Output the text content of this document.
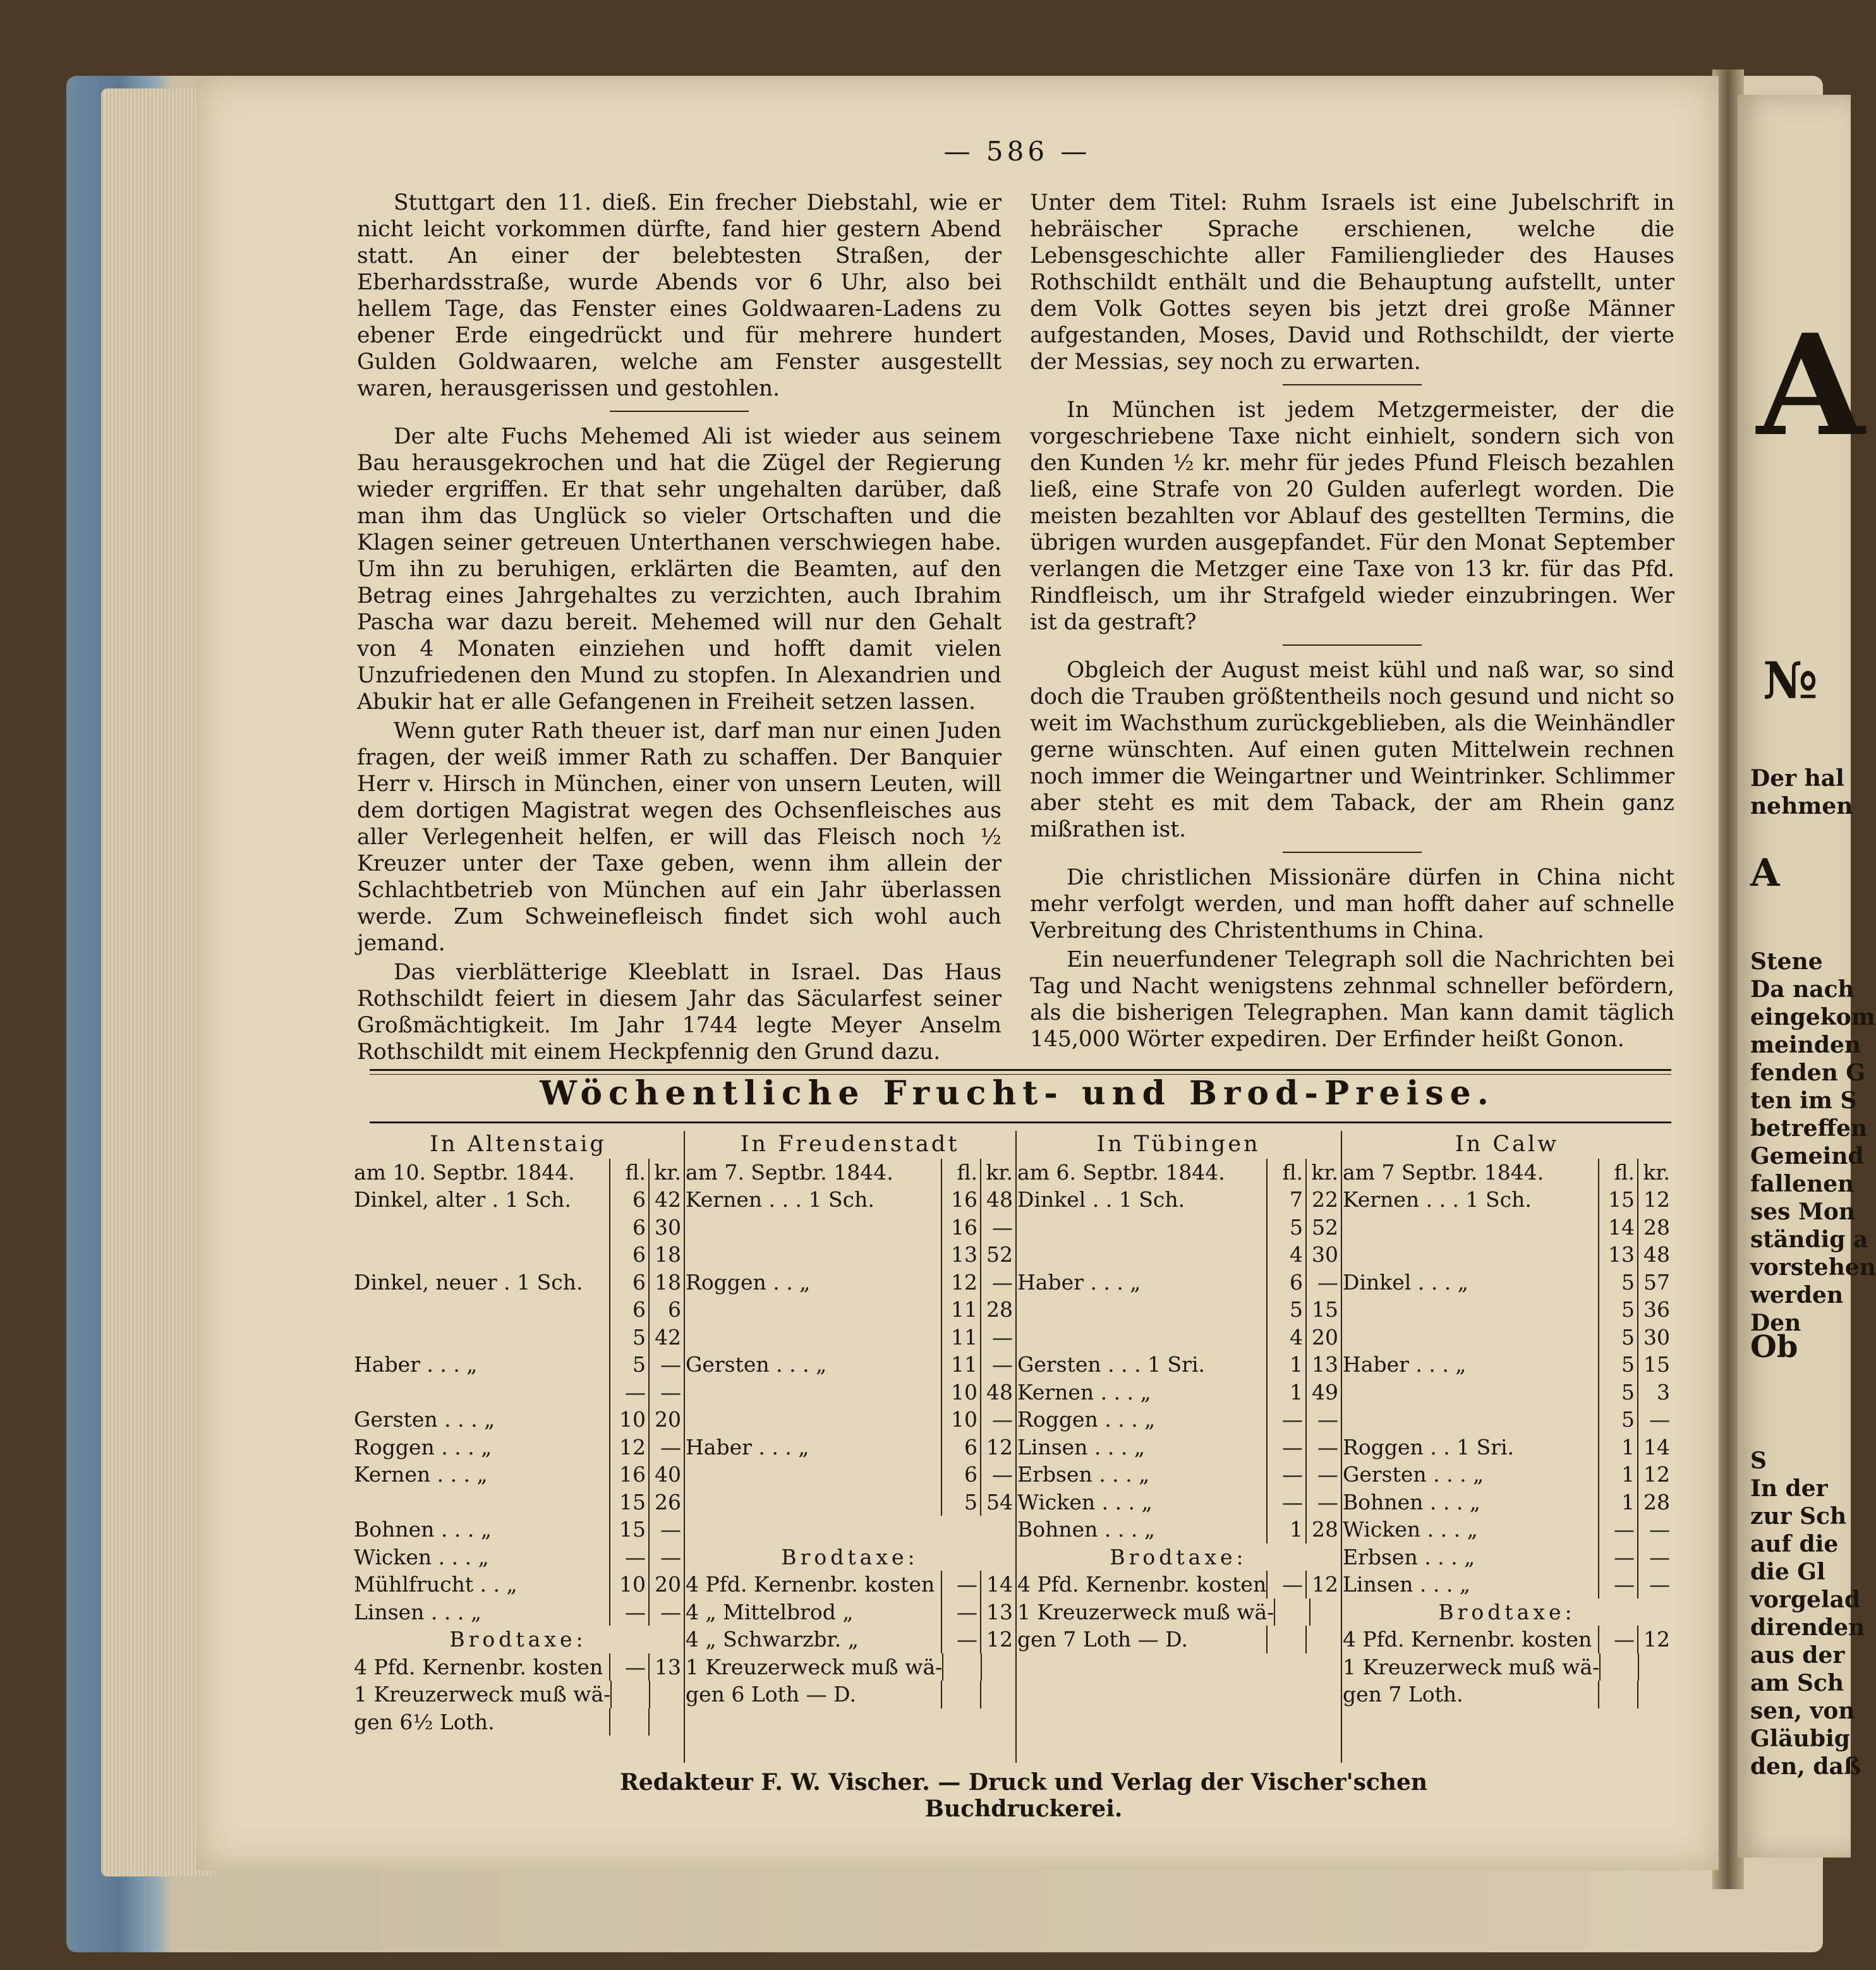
— 586 —

Stuttgart den 11. dieß. Ein frecher Diebstahl, wie er nicht leicht vorkommen dürfte, fand hier gestern Abend statt. An einer der belebtesten Straßen, der Eberhardsstraße, wurde Abends vor 6 Uhr, also bei hellem Tage, das Fenster eines Goldwaaren-Ladens zu ebener Erde eingedrückt und für mehrere hundert Gulden Goldwaaren, welche am Fenster ausgestellt waren, herausgerissen und gestohlen.

Der alte Fuchs Mehemed Ali ist wieder aus seinem Bau herausgekrochen und hat die Zügel der Regierung wieder ergriffen. Er that sehr ungehalten darüber, daß man ihm das Unglück so vieler Ortschaften und die Klagen seiner getreuen Unterthanen verschwiegen habe. Um ihn zu beruhigen, erklärten die Beamten, auf den Betrag eines Jahrgehaltes zu verzichten, auch Ibrahim Pascha war dazu bereit. Mehemed will nur den Gehalt von 4 Monaten einziehen und hofft damit vielen Unzufriedenen den Mund zu stopfen. In Alexandrien und Abukir hat er alle Gefangenen in Freiheit setzen lassen.

Wenn guter Rath theuer ist, darf man nur einen Juden fragen, der weiß immer Rath zu schaffen. Der Banquier Herr v. Hirsch in München, einer von unsern Leuten, will dem dortigen Magistrat wegen des Ochsenfleisches aus aller Verlegenheit helfen, er will das Fleisch noch ½ Kreuzer unter der Taxe geben, wenn ihm allein der Schlachtbetrieb von München auf ein Jahr überlassen werde. Zum Schweinefleisch findet sich wohl auch jemand.

Das vierblätterige Kleeblatt in Israel. Das Haus Rothschildt feiert in diesem Jahr das Säcularfest seiner Großmächtigkeit. Im Jahr 1744 legte Meyer Anselm Rothschildt mit einem Heckpfennig den Grund dazu.

Unter dem Titel: Ruhm Israels ist eine Jubelschrift in hebräischer Sprache erschienen, welche die Lebensgeschichte aller Familienglieder des Hauses Rothschildt enthält und die Behauptung aufstellt, unter dem Volk Gottes seyen bis jetzt drei große Männer aufgestanden, Moses, David und Rothschildt, der vierte der Messias, sey noch zu erwarten.

In München ist jedem Metzgermeister, der die vorgeschriebene Taxe nicht einhielt, sondern sich von den Kunden ½ kr. mehr für jedes Pfund Fleisch bezahlen ließ, eine Strafe von 20 Gulden auferlegt worden. Die meisten bezahlten vor Ablauf des gestellten Termins, die übrigen wurden ausgepfandet. Für den Monat September verlangen die Metzger eine Taxe von 13 kr. für das Pfd. Rindfleisch, um ihr Strafgeld wieder einzubringen. Wer ist da gestraft?

Obgleich der August meist kühl und naß war, so sind doch die Trauben größtentheils noch gesund und nicht so weit im Wachsthum zurückgeblieben, als die Weinhändler gerne wünschten. Auf einen guten Mittelwein rechnen noch immer die Weingartner und Weintrinker. Schlimmer aber steht es mit dem Taback, der am Rhein ganz mißrathen ist.

Die christlichen Missionäre dürfen in China nicht mehr verfolgt werden, und man hofft daher auf schnelle Verbreitung des Christenthums in China.

Ein neuerfundener Telegraph soll die Nachrichten bei Tag und Nacht wenigstens zehnmal schneller befördern, als die bisherigen Telegraphen. Man kann damit täglich 145,000 Wörter expediren. Der Erfinder heißt Gonon.

Wöchentliche Frucht- und Brod-Preise.
In Altenstaig
am 10. Septbr. 1844.	fl. kr.
Dinkel, alter . 1 Sch.	6 42
6 30
6 18
Dinkel, neuer . 1 Sch.	6 18
6	6
5 42
Haber . . . „	5 —
— —
Gersten . . . „	10 20
Roggen . . . „	12 —
Kernen . . . „	16 40
15 26
Bohnen . . . „	15 —
Wicken . . . „	— —
Mühlfrucht . . „	10 20
Linsen . . . „	— —
Brodtaxe:
4 Pfd. Kernenbr. kosten	— 13
1 Kreuzerweck muß wä-
gen 6½ Loth.
In Freudenstadt
am 7. Septbr. 1844.	fl. kr.
Kernen . . . 1 Sch.	16 48
16 —
13 52
Roggen . . „	12 —
11 28
11 —
Gersten . . . „	11 —
10 48
10 —
Haber . . . „	6 12
6 —
5 54
Brodtaxe:
4 Pfd. Kernenbr. kosten	— 14
4 „ Mittelbrod „	— 13
4 „ Schwarzbr. „	— 12
1 Kreuzerweck muß wä-
gen 6 Loth — D.
In Tübingen
am 6. Septbr. 1844.	fl. kr.
Dinkel . . 1 Sch.	7 22
5 52
4 30
Haber . . . „	6 —
5 15
4 20
Gersten . . . 1 Sri.	1 13
Kernen . . . „	1 49
Roggen . . . „	— —
Linsen . . . „	— —
Erbsen . . . „	— —
Wicken . . . „	— —
Bohnen . . . „	1 28
Brodtaxe:
4 Pfd. Kernenbr. kosten — 12
1 Kreuzerweck muß wä-
gen 7 Loth — D.
In Calw
am 7 Septbr. 1844.	fl. kr.
Kernen . . . 1 Sch.	15 12
14 28
13 48
Dinkel . . . „	5 57
5 36
5 30
Haber . . . „	5 15
5	3
5 —
Roggen . . 1 Sri.	1 14
Gersten . . . „	1 12
Bohnen . . . „	1 28
Wicken . . . „	— —
Erbsen . . . „	— —
Linsen . . . „	— —
Brodtaxe:
4 Pfd. Kernenbr. kosten	— 12
1 Kreuzerweck muß wä-
gen 7 Loth.
Redakteur F. W. Vischer. — Druck und Verlag der Vischer'schen Buchdruckerei.
A
№
Der hal
nehmen
A
Stene
Da nach
eingekom
meinden
fenden G
ten im S
betreffen
Gemeind
fallenen
ses Mon
ständig a
vorstehen
werden
Den
Ob
S
In der
zur Sch
auf die
die Gl
vorgelad
direnden
aus der
am Sch
sen, von
Gläubig
den, daß
